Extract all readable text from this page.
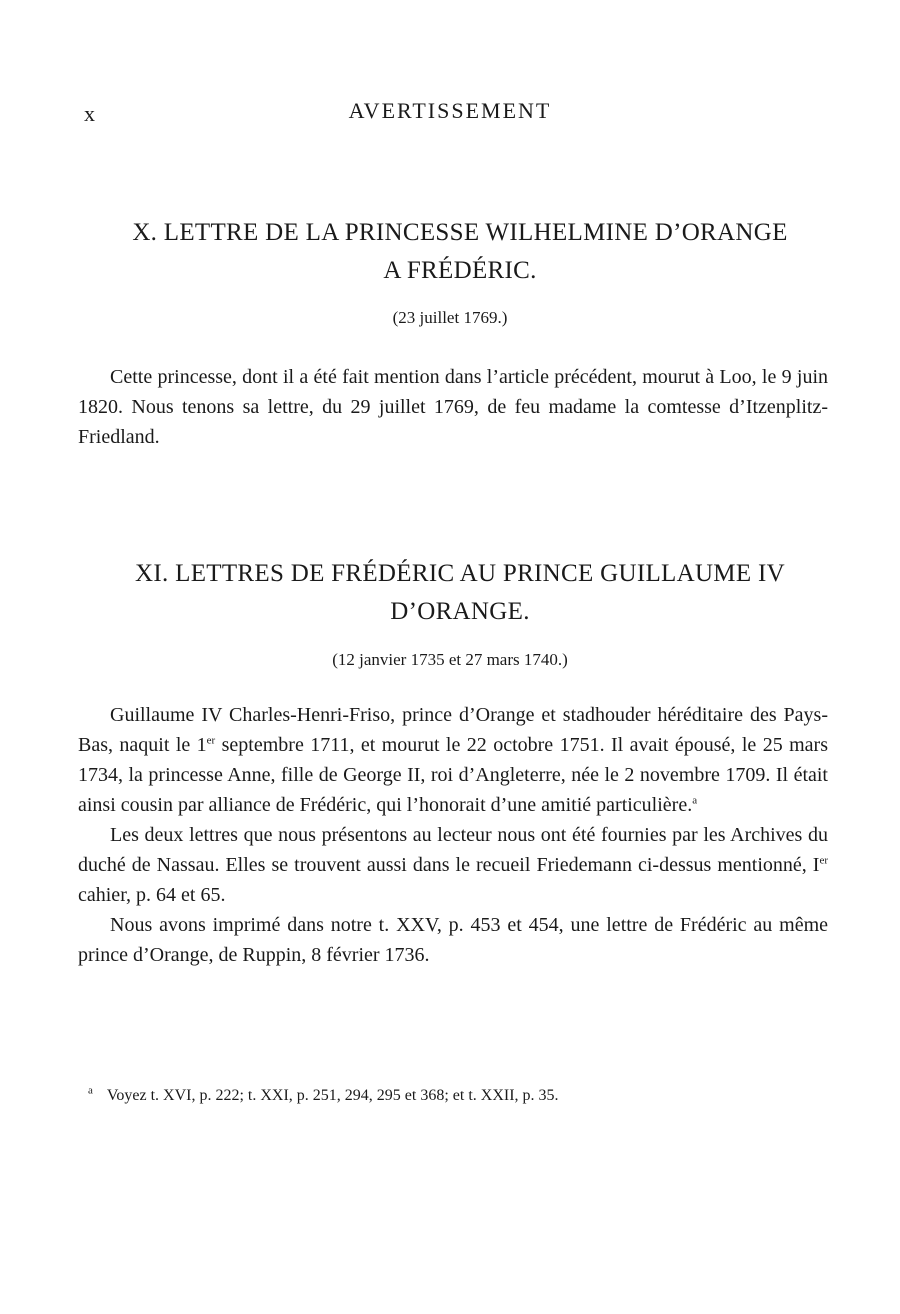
x	AVERTISSEMENT
X. LETTRE DE LA PRINCESSE WILHELMINE D’ORANGE
A FRÉDÉRIC.
(23 juillet 1769.)

Cette princesse, dont il a été fait mention dans l’article précédent, mourut à Loo, le 9 juin 1820. Nous tenons sa lettre, du 29 juillet 1769, de feu madame la comtesse d’Itzenplitz-Friedland.

XI. LETTRES DE FRÉDÉRIC AU PRINCE GUILLAUME IV
D’ORANGE.
(12 janvier 1735 et 27 mars 1740.)

Guillaume IV Charles-Henri-Friso, prince d’Orange et stadhouder héréditaire des Pays-Bas, naquit le 1er septembre 1711, et mourut le 22 octobre 1751. Il avait épousé, le 25 mars 1734, la princesse Anne, fille de George II, roi d’Angleterre, née le 2 novembre 1709. Il était ainsi cousin par alliance de Frédéric, qui l’honorait d’une amitié particulière.$^a$

Les deux lettres que nous présentons au lecteur nous ont été fournies par les Archives du duché de Nassau. Elles se trouvent aussi dans le recueil Friedemann ci-dessus mentionné, Ier cahier, p. 64 et 65.

Nous avons imprimé dans notre t. XXV, p. 453 et 454, une lettre de Frédéric au même prince d’Orange, de Ruppin, 8 février 1736.

$^a$ Voyez t. XVI, p. 222; t. XXI, p. 251, 294, 295 et 368; et t. XXII, p. 35.
